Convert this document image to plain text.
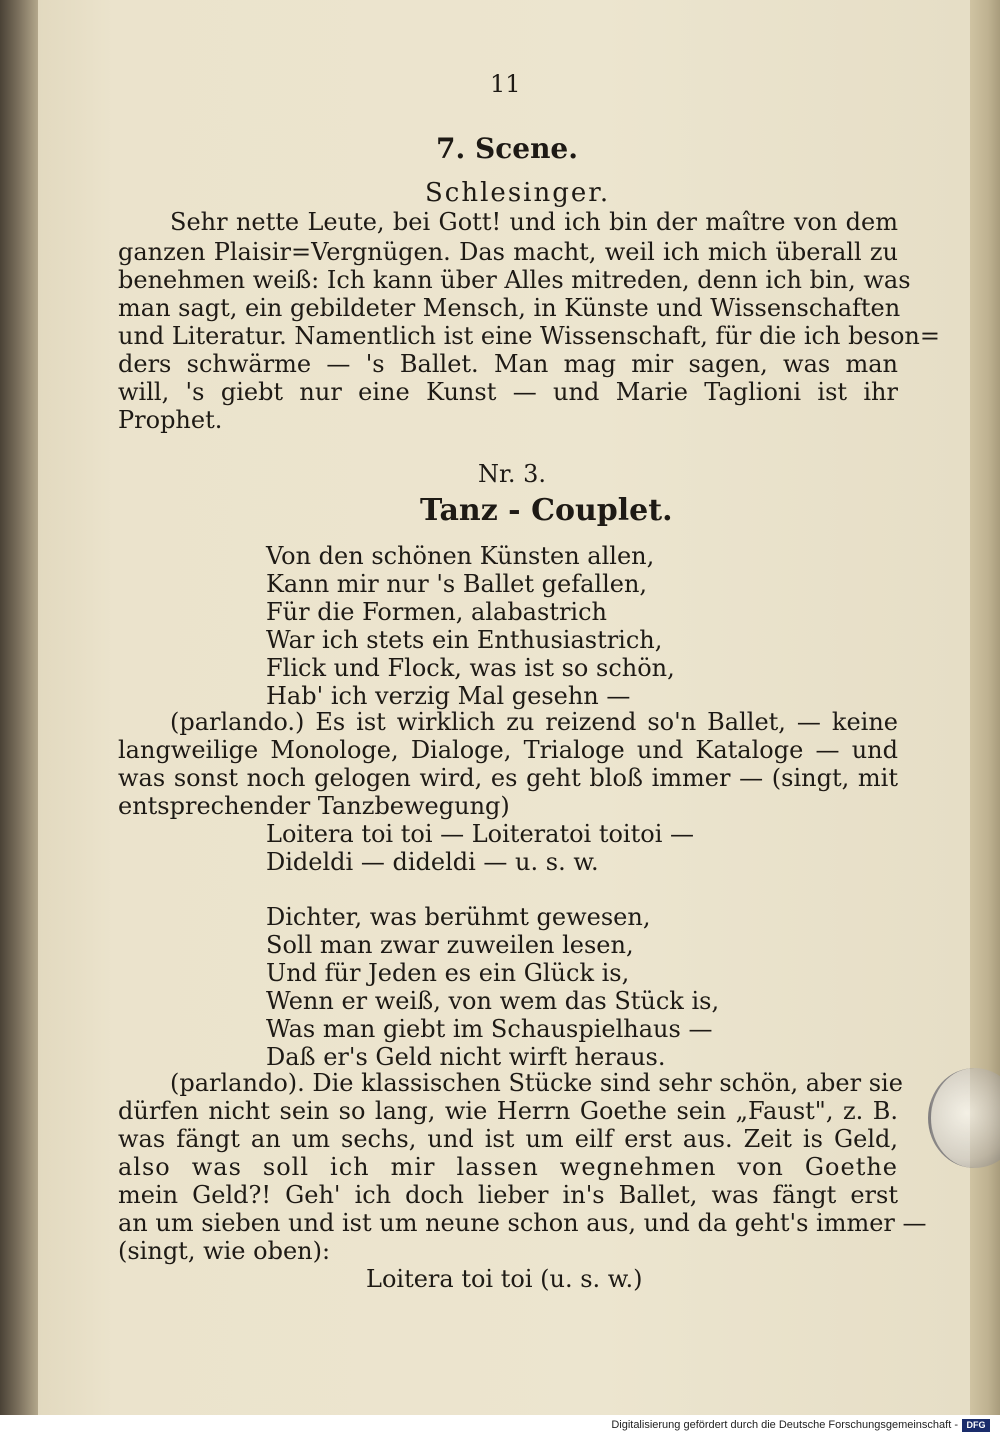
11
7. Scene.
Schlesinger.
Sehr nette Leute, bei Gott! und ich bin der maître von dem
ganzen Plaisir=Vergnügen. Das macht, weil ich mich überall zu
benehmen weiß: Ich kann über Alles mitreden, denn ich bin, was
man sagt, ein gebildeter Mensch, in Künste und Wissenschaften
und Literatur. Namentlich ist eine Wissenschaft, für die ich beson=
ders schwärme — 's Ballet. Man mag mir sagen, was man
will, 's giebt nur eine Kunst — und Marie Taglioni ist ihr
Prophet.
Nr. 3.
Tanz - Couplet.
Von den schönen Künsten allen,
Kann mir nur 's Ballet gefallen,
Für die Formen, alabastrich
War ich stets ein Enthusiastrich,
Flick und Flock, was ist so schön,
Hab' ich verzig Mal gesehn —
(parlando.) Es ist wirklich zu reizend so'n Ballet, — keine
langweilige Monologe, Dialoge, Trialoge und Kataloge — und
was sonst noch gelogen wird, es geht bloß immer — (singt, mit
entsprechender Tanzbewegung)
Loitera toi toi — Loiteratoi toitoi —
Dideldi — dideldi — u. s. w.
Dichter, was berühmt gewesen,
Soll man zwar zuweilen lesen,
Und für Jeden es ein Glück is,
Wenn er weiß, von wem das Stück is,
Was man giebt im Schauspielhaus —
Daß er's Geld nicht wirft heraus.
(parlando). Die klassischen Stücke sind sehr schön, aber sie
dürfen nicht sein so lang, wie Herrn Goethe sein „Faust", z. B.
was fängt an um sechs, und ist um eilf erst aus. Zeit is Geld,
also was soll ich mir lassen wegnehmen von Goethe
mein Geld?! Geh' ich doch lieber in's Ballet, was fängt erst
an um sieben und ist um neune schon aus, und da geht's immer —
(singt, wie oben):
Loitera toi toi (u. s. w.)
Digitalisierung gefördert durch die Deutsche Forschungsgemeinschaft - DFG
